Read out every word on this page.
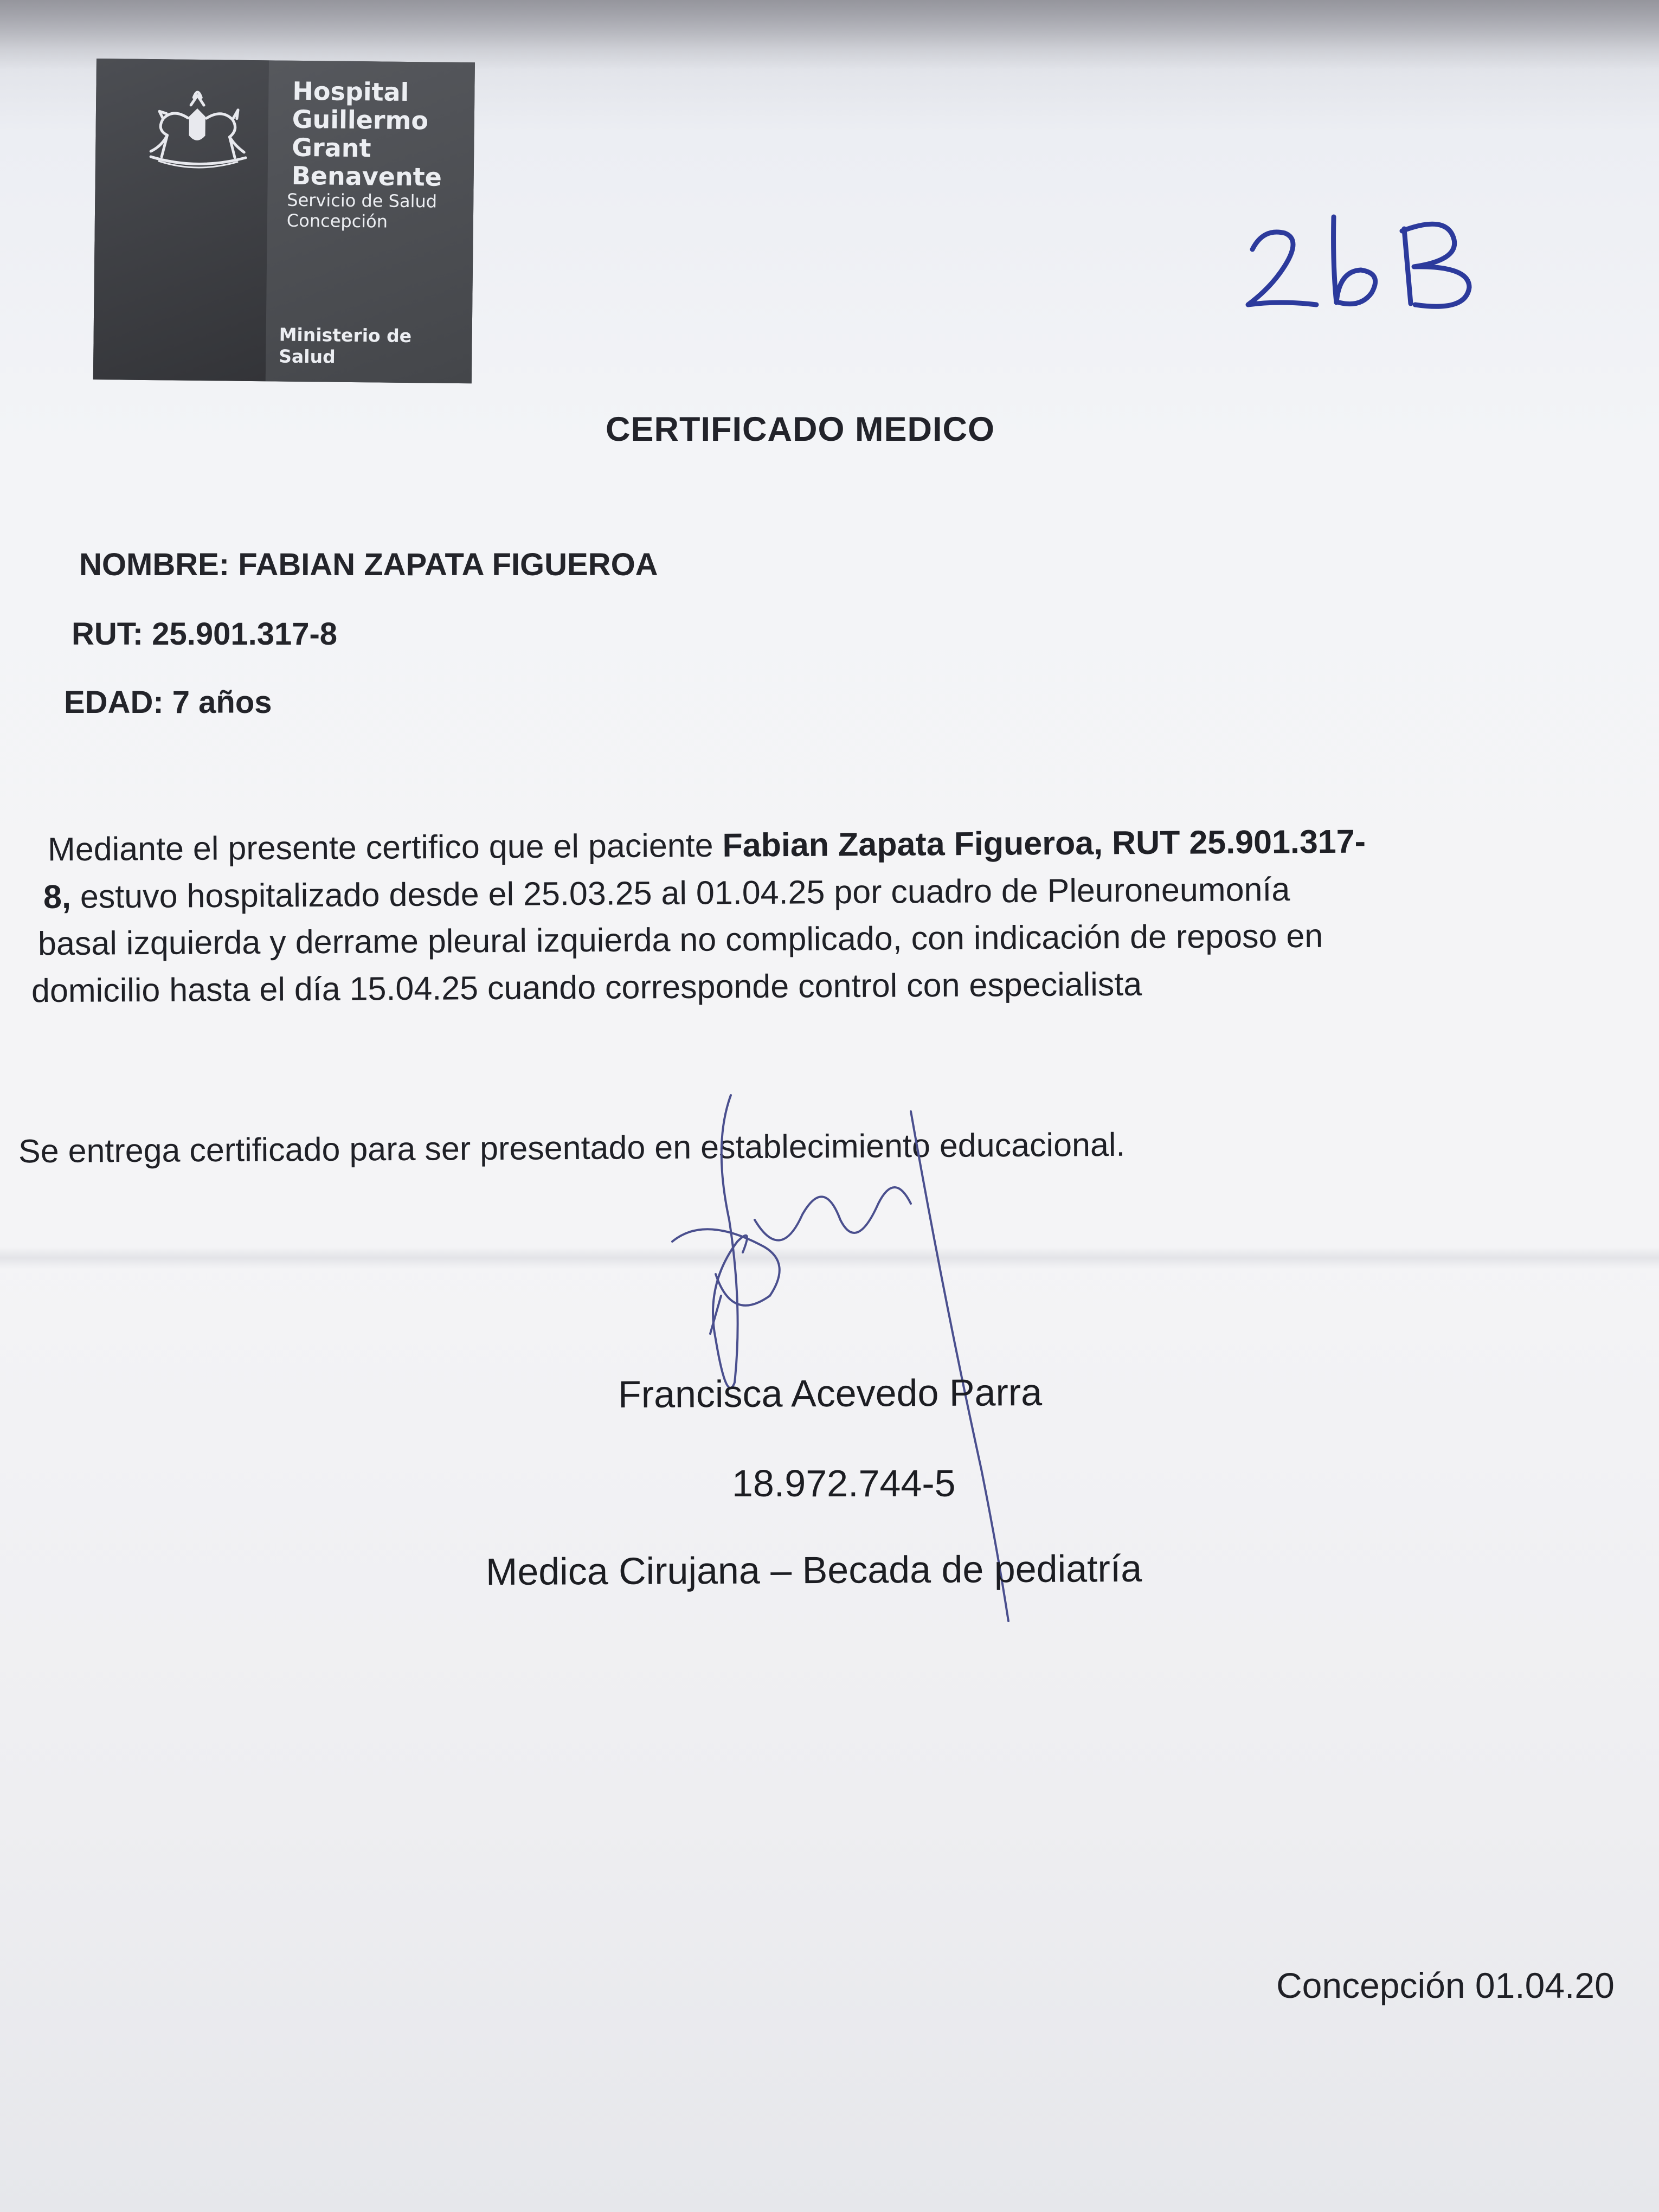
Hospital
Guillermo
Grant
Benavente
Servicio de Salud
Concepción
Ministerio de
Salud
CERTIFICADO MEDICO
NOMBRE: FABIAN ZAPATA FIGUEROA
RUT: 25.901.317-8
EDAD: 7 años
Mediante el presente certifico que el paciente Fabian Zapata Figueroa, RUT 25.901.317-
8, estuvo hospitalizado desde el 25.03.25 al 01.04.25 por cuadro de Pleuroneumonía
basal izquierda y derrame pleural izquierda no complicado, con indicación de reposo en
domicilio hasta el día 15.04.25 cuando corresponde control con especialista
Se entrega certificado para ser presentado en establecimiento educacional.
Francisca Acevedo Parra
18.972.744-5
Medica Cirujana – Becada de pediatría
Concepción 01.04.20
